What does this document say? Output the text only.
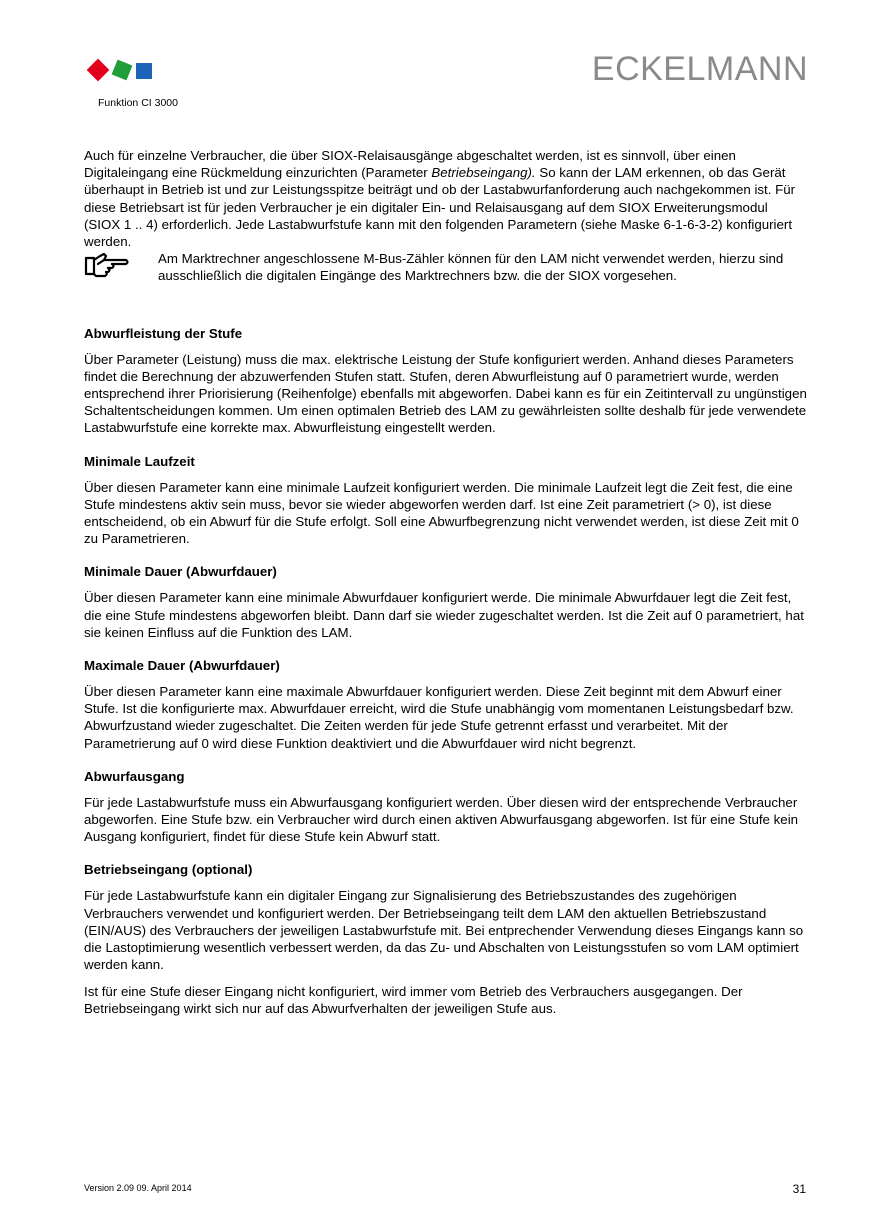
Funktion CI 3000
ECKELMANN

Auch für einzelne Verbraucher, die über SIOX-Relaisausgänge abgeschaltet werden, ist es sinnvoll, über einen Digitaleingang eine Rückmeldung einzurichten (Parameter Betriebseingang). So kann der LAM erkennen, ob das Gerät überhaupt in Betrieb ist und zur Leistungsspitze beiträgt und ob der Lastabwurfanforderung auch nachgekommen ist. Für diese Betriebsart ist für jeden Verbraucher je ein digitaler Ein- und Relaisausgang auf dem SIOX Erweiterungsmodul (SIOX 1 .. 4) erforderlich. Jede Lastabwurfstufe kann mit den folgenden Parametern (siehe Maske 6-1-6-3-2) konfiguriert werden.

Am Marktrechner angeschlossene M-Bus-Zähler können für den LAM nicht verwendet werden, hierzu sind ausschließlich die digitalen Eingänge des Marktrechners bzw. die der SIOX vorgesehen.

Abwurfleistung der Stufe

Über Parameter (Leistung) muss die max. elektrische Leistung der Stufe konfiguriert werden. Anhand dieses Parameters findet die Berechnung der abzuwerfenden Stufen statt. Stufen, deren Abwurfleistung auf 0 parametriert wurde, werden entsprechend ihrer Priorisierung (Reihenfolge) ebenfalls mit abgeworfen. Dabei kann es für ein Zeitintervall zu ungünstigen Schaltentscheidungen kommen. Um einen optimalen Betrieb des LAM zu gewährleisten sollte deshalb für jede verwendete Lastabwurfstufe eine korrekte max. Abwurfleistung eingestellt werden.

Minimale Laufzeit

Über diesen Parameter kann eine minimale Laufzeit konfiguriert werden. Die minimale Laufzeit legt die Zeit fest, die eine Stufe mindestens aktiv sein muss, bevor sie wieder abgeworfen werden darf. Ist eine Zeit parametriert (> 0), ist diese entscheidend, ob ein Abwurf für die Stufe erfolgt. Soll eine Abwurfbegrenzung nicht verwendet werden, ist diese Zeit mit 0 zu Parametrieren.

Minimale Dauer (Abwurfdauer)

Über diesen Parameter kann eine minimale Abwurfdauer konfiguriert werde. Die minimale Abwurfdauer legt die Zeit fest, die eine Stufe mindestens abgeworfen bleibt. Dann darf sie wieder zugeschaltet werden. Ist die Zeit auf 0 parametriert, hat sie keinen Einfluss auf die Funktion des LAM.

Maximale Dauer (Abwurfdauer)

Über diesen Parameter kann eine maximale Abwurfdauer konfiguriert werden. Diese Zeit beginnt mit dem Abwurf einer Stufe. Ist die konfigurierte max. Abwurfdauer erreicht, wird die Stufe unabhängig vom momentanen Leistungsbedarf bzw. Abwurfzustand wieder zugeschaltet. Die Zeiten werden für jede Stufe getrennt erfasst und verarbeitet. Mit der Parametrierung auf 0 wird diese Funktion deaktiviert und die Abwurfdauer wird nicht begrenzt.

Abwurfausgang

Für jede Lastabwurfstufe muss ein Abwurfausgang konfiguriert werden. Über diesen wird der entsprechende Verbraucher abgeworfen. Eine Stufe bzw. ein Verbraucher wird durch einen aktiven Abwurfausgang abgeworfen. Ist für eine Stufe kein Ausgang konfiguriert, findet für diese Stufe kein Abwurf statt.

Betriebseingang (optional)

Für jede Lastabwurfstufe kann ein digitaler Eingang zur Signalisierung des Betriebszustandes des zugehörigen Verbrauchers verwendet und konfiguriert werden. Der Betriebseingang teilt dem LAM den aktuellen Betriebszustand (EIN/AUS) des Verbrauchers der jeweiligen Lastabwurfstufe mit. Bei entprechender Verwendung dieses Eingangs kann so die Lastoptimierung wesentlich verbessert werden, da das Zu- und Abschalten von Leistungsstufen so vom LAM optimiert werden kann.

Ist für eine Stufe dieser Eingang nicht konfiguriert, wird immer vom Betrieb des Verbrauchers ausgegangen. Der Betriebseingang wirkt sich nur auf das Abwurfverhalten der jeweiligen Stufe aus.

Version 2.09 09. April 2014	31
